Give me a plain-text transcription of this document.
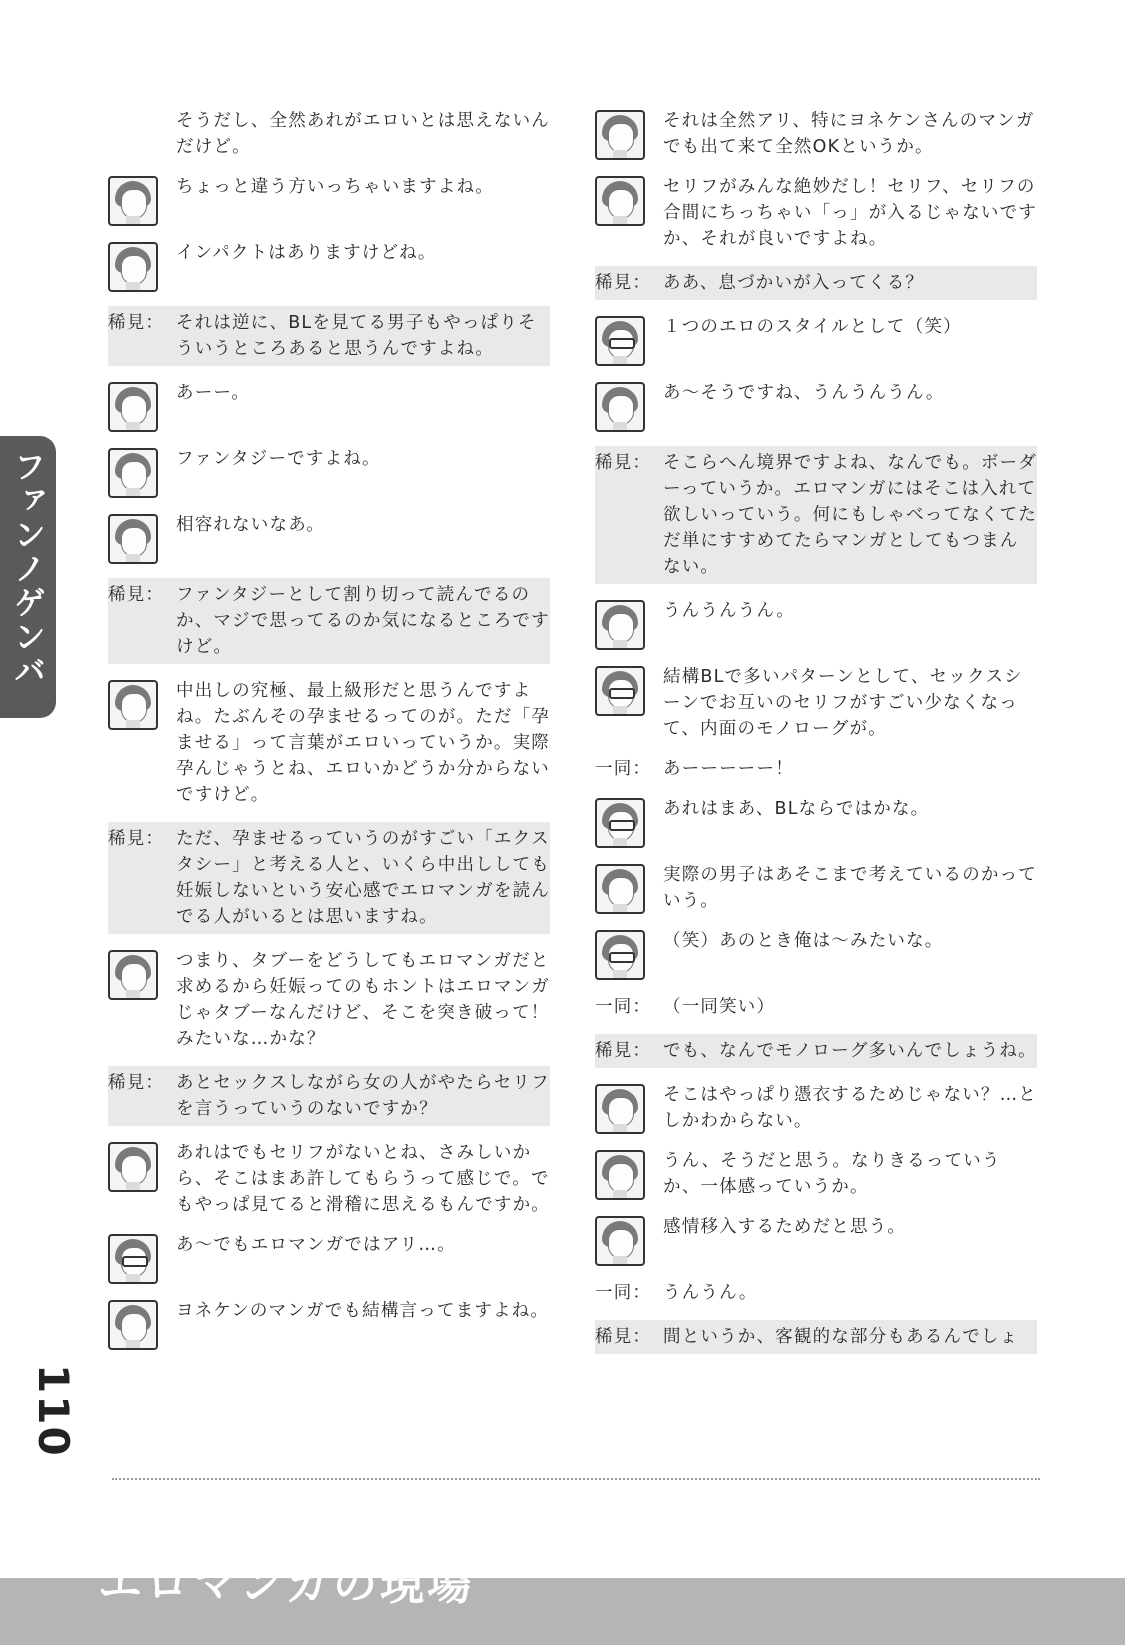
ファンノゲンバ
そうだし、全然あれがエロいとは思えないんだけど。
ちょっと違う方いっちゃいますよね。
インパクトはありますけどね。
稀見： それは逆に、BLを見てる男子もやっぱりそういうところあると思うんですよね。
あーー。
ファンタジーですよね。
相容れないなあ。
稀見： ファンタジーとして割り切って読んでるのか、マジで思ってるのか気になるところですけど。
中出しの究極、最上級形だと思うんですよね。たぶんその孕ませるってのが。ただ「孕ませる」って言葉がエロいっていうか。実際孕んじゃうとね、エロいかどうか分からないですけど。
稀見： ただ、孕ませるっていうのがすごい「エクスタシー」と考える人と、いくら中出ししても妊娠しないという安心感でエロマンガを読んでる人がいるとは思いますね。
つまり、タブーをどうしてもエロマンガだと求めるから妊娠ってのもホントはエロマンガじゃタブーなんだけど、そこを突き破って！みたいな…かな？
稀見： あとセックスしながら女の人がやたらセリフを言うっていうのないですか？
あれはでもセリフがないとね、さみしいから、そこはまあ許してもらうって感じで。でもやっぱ見てると滑稽に思えるもんですか。
あ～でもエロマンガではアリ…。
ヨネケンのマンガでも結構言ってますよね。
それは全然アリ、特にヨネケンさんのマンガでも出て来て全然OKというか。
セリフがみんな絶妙だし！セリフ、セリフの合間にちっちゃい「っ」が入るじゃないですか、それが良いですよね。
稀見： ああ、息づかいが入ってくる？
１つのエロのスタイルとして（笑）
あ～そうですね、うんうんうん。
稀見： そこらへん境界ですよね、なんでも。ボーダーっていうか。エロマンガにはそこは入れて欲しいっていう。何にもしゃべってなくてただ単にすすめてたらマンガとしてもつまんない。
うんうんうん。
結構BLで多いパターンとして、セックスシーンでお互いのセリフがすごい少なくなって、内面のモノローグが。
一同： あーーーーー！
あれはまあ、BLならではかな。
実際の男子はあそこまで考えているのかっていう。
（笑）あのとき俺は～みたいな。
一同： （一同笑い）
稀見： でも、なんでモノローグ多いんでしょうね。
そこはやっぱり憑衣するためじゃない？…としかわからない。
うん、そうだと思う。なりきるっていうか、一体感っていうか。
感情移入するためだと思う。
一同： うんうん。
稀見： 間というか、客観的な部分もあるんでしょ
110
エロマンガの現場
